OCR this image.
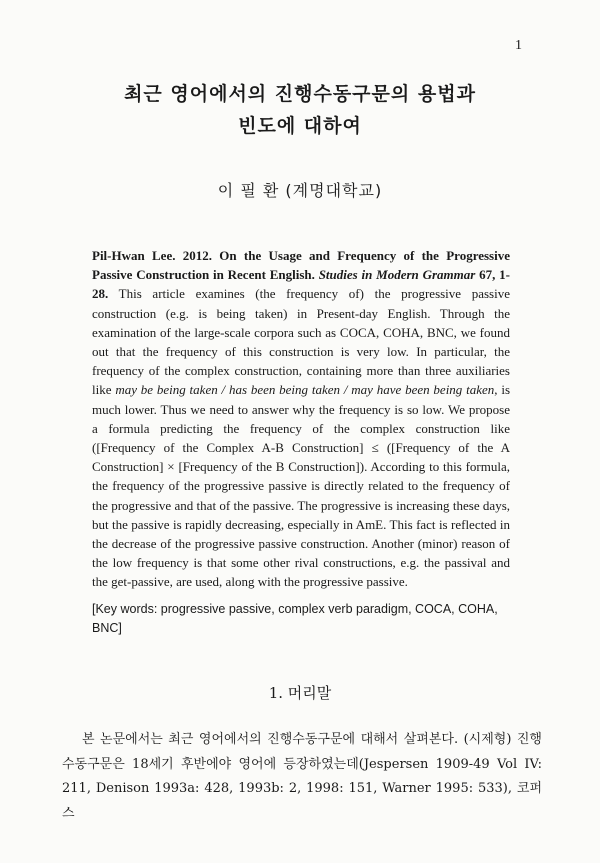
1
최근 영어에서의 진행수동구문의 용법과
빈도에 대하여
이 필 환 (계명대학교)
Pil-Hwan Lee. 2012. On the Usage and Frequency of the Progressive Passive Construction in Recent English. Studies in Modern Grammar 67, 1-28. This article examines (the frequency of) the progressive passive construction (e.g. is being taken) in Present-day English. Through the examination of the large-scale corpora such as COCA, COHA, BNC, we found out that the frequency of this construction is very low. In particular, the frequency of the complex construction, containing more than three auxiliaries like may be being taken / has been being taken / may have been being taken, is much lower. Thus we need to answer why the frequency is so low. We propose a formula predicting the frequency of the complex construction like ([Frequency of the Complex A-B Construction] ≤ ([Frequency of the A Construction] × [Frequency of the B Construction]). According to this formula, the frequency of the progressive passive is directly related to the frequency of the progressive and that of the passive. The progressive is increasing these days, but the passive is rapidly decreasing, especially in AmE. This fact is reflected in the decrease of the progressive passive construction. Another (minor) reason of the low frequency is that some other rival constructions, e.g. the passival and the get-passive, are used, along with the progressive passive.
[Key words: progressive passive, complex verb paradigm, COCA, COHA, BNC]
1. 머리말
본 논문에서는 최근 영어에서의 진행수동구문에 대해서 살펴본다. (시제형) 진행수동구문은 18세기 후반에야 영어에 등장하였는데(Jespersen 1909-49 Vol IV: 211, Denison 1993a: 428, 1993b: 2, 1998: 151, Warner 1995: 533), 코퍼스
